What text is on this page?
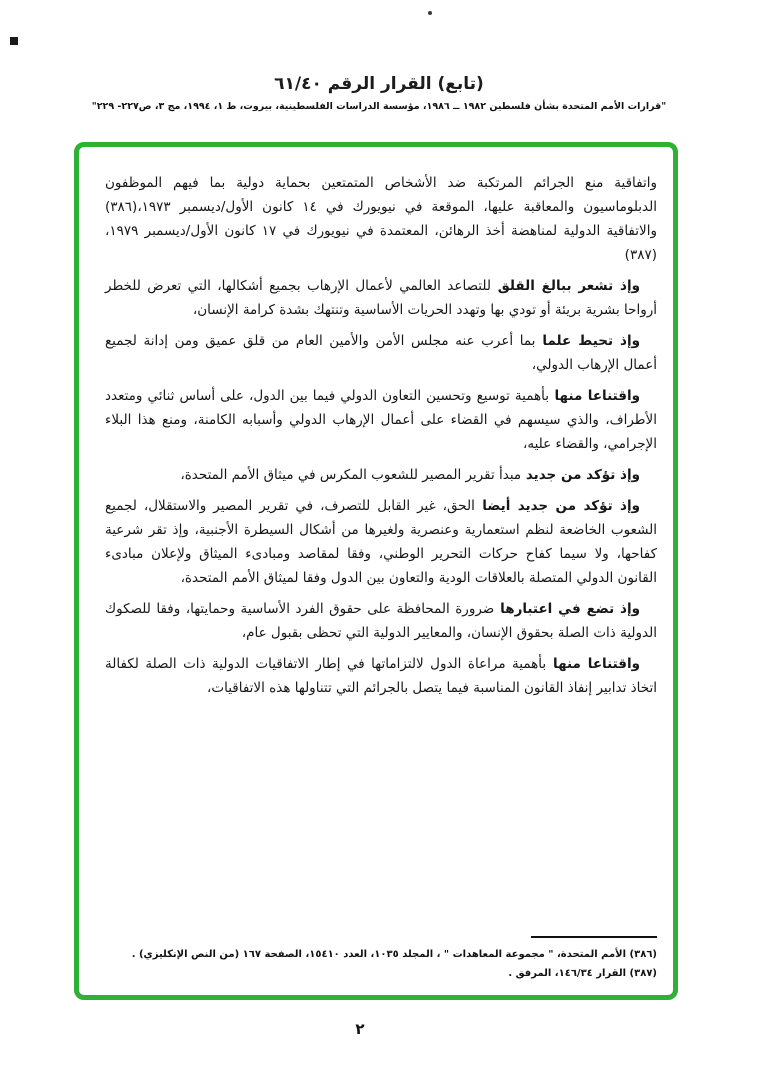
(تابع) القرار الرقم ٦١/٤٠
"قرارات الأمم المتحدة بشأن فلسطين ١٩٨٢ ــ ١٩٨٦، مؤسسة الدراسات الفلسطينية، بيروت، ط ١، ١٩٩٤، مج ٣، ص٢٢٧- ٢٢٩"

واتفاقية منع الجرائم المرتكبة ضد الأشخاص المتمتعين بحماية دولية بما فيهم الموظفون الدبلوماسيون والمعاقبة عليها، الموقعة في نيويورك في ١٤ كانون الأول/ديسمبر ١٩٧٣،(٣٨٦) والاتفاقية الدولية لمناهضة أخذ الرهائن، المعتمدة في نيويورك في ١٧ كانون الأول/ديسمبر ١٩٧٩،(٣٨٧)

وإذ تشعر ببالغ القلق للتصاعد العالمي لأعمال الإرهاب بجميع أشكالها، التي تعرض للخطر أرواحا بشرية بريئة أو تودي بها وتهدد الحريات الأساسية وتنتهك بشدة كرامة الإنسان،

وإذ تحيط علما بما أعرب عنه مجلس الأمن والأمين العام من قلق عميق ومن إدانة لجميع أعمال الإرهاب الدولي،

واقتناعا منها بأهمية توسيع وتحسين التعاون الدولي فيما بين الدول، على أساس ثنائي ومتعدد الأطراف، والذي سيسهم في القضاء على أعمال الإرهاب الدولي وأسبابه الكامنة، ومنع هذا البلاء الإجرامي، والقضاء عليه،

وإذ تؤكد من جديد مبدأ تقرير المصير للشعوب المكرس في ميثاق الأمم المتحدة،

وإذ تؤكد من جديد أيضا الحق، غير القابل للتصرف، في تقرير المصير والاستقلال، لجميع الشعوب الخاضعة لنظم استعمارية وعنصرية ولغيرها من أشكال السيطرة الأجنبية، وإذ تقر شرعية كفاحها، ولا سيما كفاح حركات التحرير الوطني، وفقا لمقاصد ومبادىء الميثاق ولإعلان مبادىء القانون الدولي المتصلة بالعلاقات الودية والتعاون بين الدول وفقا لميثاق الأمم المتحدة،

وإذ تضع في اعتبارها ضرورة المحافظة على حقوق الفرد الأساسية وحمايتها، وفقا للصكوك الدولية ذات الصلة بحقوق الإنسان، والمعايير الدولية التي تحظى بقبول عام،

واقتناعا منها بأهمية مراعاة الدول لالتزاماتها في إطار الاتفاقيات الدولية ذات الصلة لكفالة اتخاذ تدابير إنفاذ القانون المناسبة فيما يتصل بالجرائم التي تتناولها هذه الاتفاقيات،

(٣٨٦) الأمم المتحدة، " مجموعة المعاهدات " ، المجلد ١٠٣٥، العدد ١٥٤١٠، الصفحة ١٦٧ (من النص الإنكليزي) .
(٣٨٧) القرار ١٤٦/٣٤، المرفق .
٢
